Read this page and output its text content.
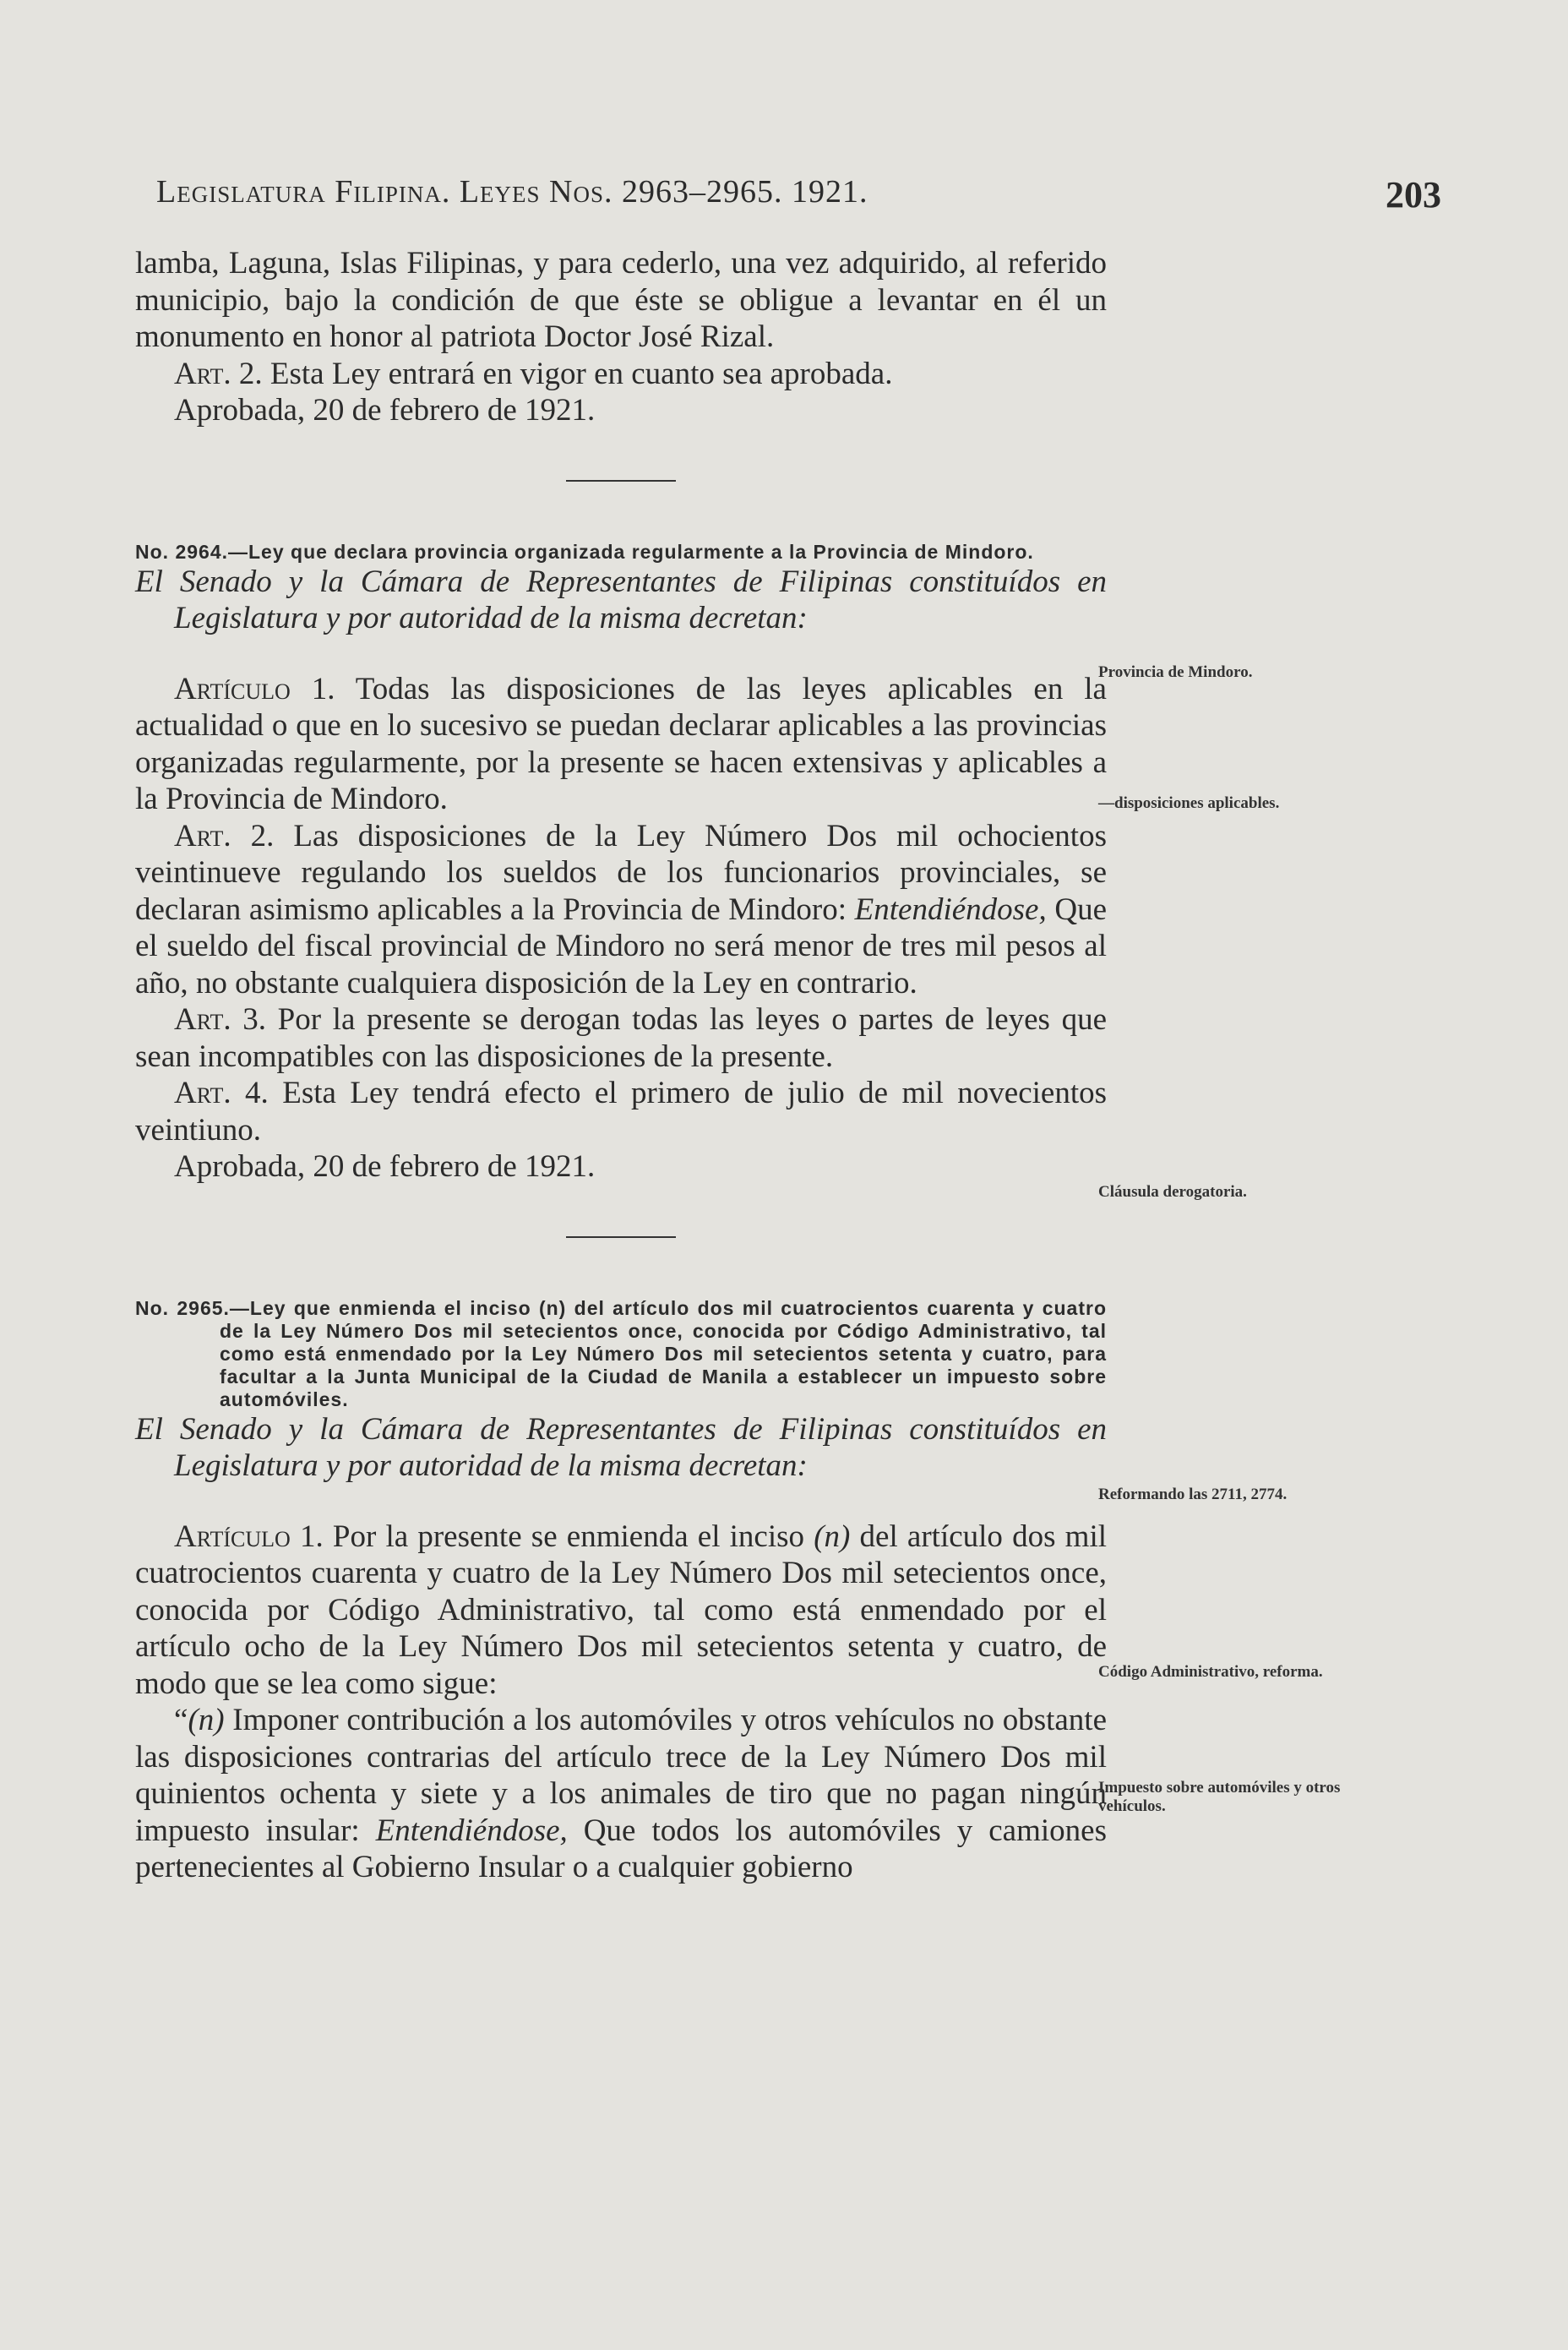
Legislatura Filipina. Leyes Nos. 2963–2965. 1921.	203

lamba, Laguna, Islas Filipinas, y para cederlo, una vez adquirido, al referido municipio, bajo la condición de que éste se obligue a levantar en él un monumento en honor al patriota Doctor José Rizal.

Art. 2. Esta Ley entrará en vigor en cuanto sea aprobada.

Aprobada, 20 de febrero de 1921.

No. 2964.—Ley que declara provincia organizada regularmente a la Provincia de Mindoro.

El Senado y la Cámara de Representantes de Filipinas constituídos en Legislatura y por autoridad de la misma decretan:

Artículo 1. Todas las disposiciones de las leyes aplicables en la actualidad o que en lo sucesivo se puedan declarar aplicables a las provincias organizadas regularmente, por la presente se hacen extensivas y aplicables a la Provincia de Mindoro.

Art. 2. Las disposiciones de la Ley Número Dos mil ochocientos veintinueve regulando los sueldos de los funcionarios provinciales, se declaran asimismo aplicables a la Provincia de Mindoro: Entendiéndose, Que el sueldo del fiscal provincial de Mindoro no será menor de tres mil pesos al año, no obstante cualquiera disposición de la Ley en contrario.

Art. 3. Por la presente se derogan todas las leyes o partes de leyes que sean incompatibles con las disposiciones de la presente.

Art. 4. Esta Ley tendrá efecto el primero de julio de mil novecientos veintiuno.

Aprobada, 20 de febrero de 1921.

No. 2965.—Ley que enmienda el inciso (n) del artículo dos mil cuatrocientos cuarenta y cuatro de la Ley Número Dos mil setecientos once, conocida por Código Administrativo, tal como está enmendado por la Ley Número Dos mil setecientos setenta y cuatro, para facultar a la Junta Municipal de la Ciudad de Manila a establecer un impuesto sobre automóviles.

El Senado y la Cámara de Representantes de Filipinas constituídos en Legislatura y por autoridad de la misma decretan:

Artículo 1. Por la presente se enmienda el inciso (n) del artículo dos mil cuatrocientos cuarenta y cuatro de la Ley Número Dos mil setecientos once, conocida por Código Administrativo, tal como está enmendado por el artículo ocho de la Ley Número Dos mil setecientos setenta y cuatro, de modo que se lea como sigue:

“(n) Imponer contribución a los automóviles y otros vehículos no obstante las disposiciones contrarias del artículo trece de la Ley Número Dos mil quinientos ochenta y siete y a los animales de tiro que no pagan ningún impuesto insular: Entendiéndose, Que todos los automóviles y camiones pertenecientes al Gobierno Insular o a cualquier gobierno

Provincia de Mindoro.
—disposiciones aplicables.
Cláusula derogatoria.
Reformando las 2711, 2774.
Código Administrativo, reforma.
Impuesto sobre automóviles y otros vehículos.
